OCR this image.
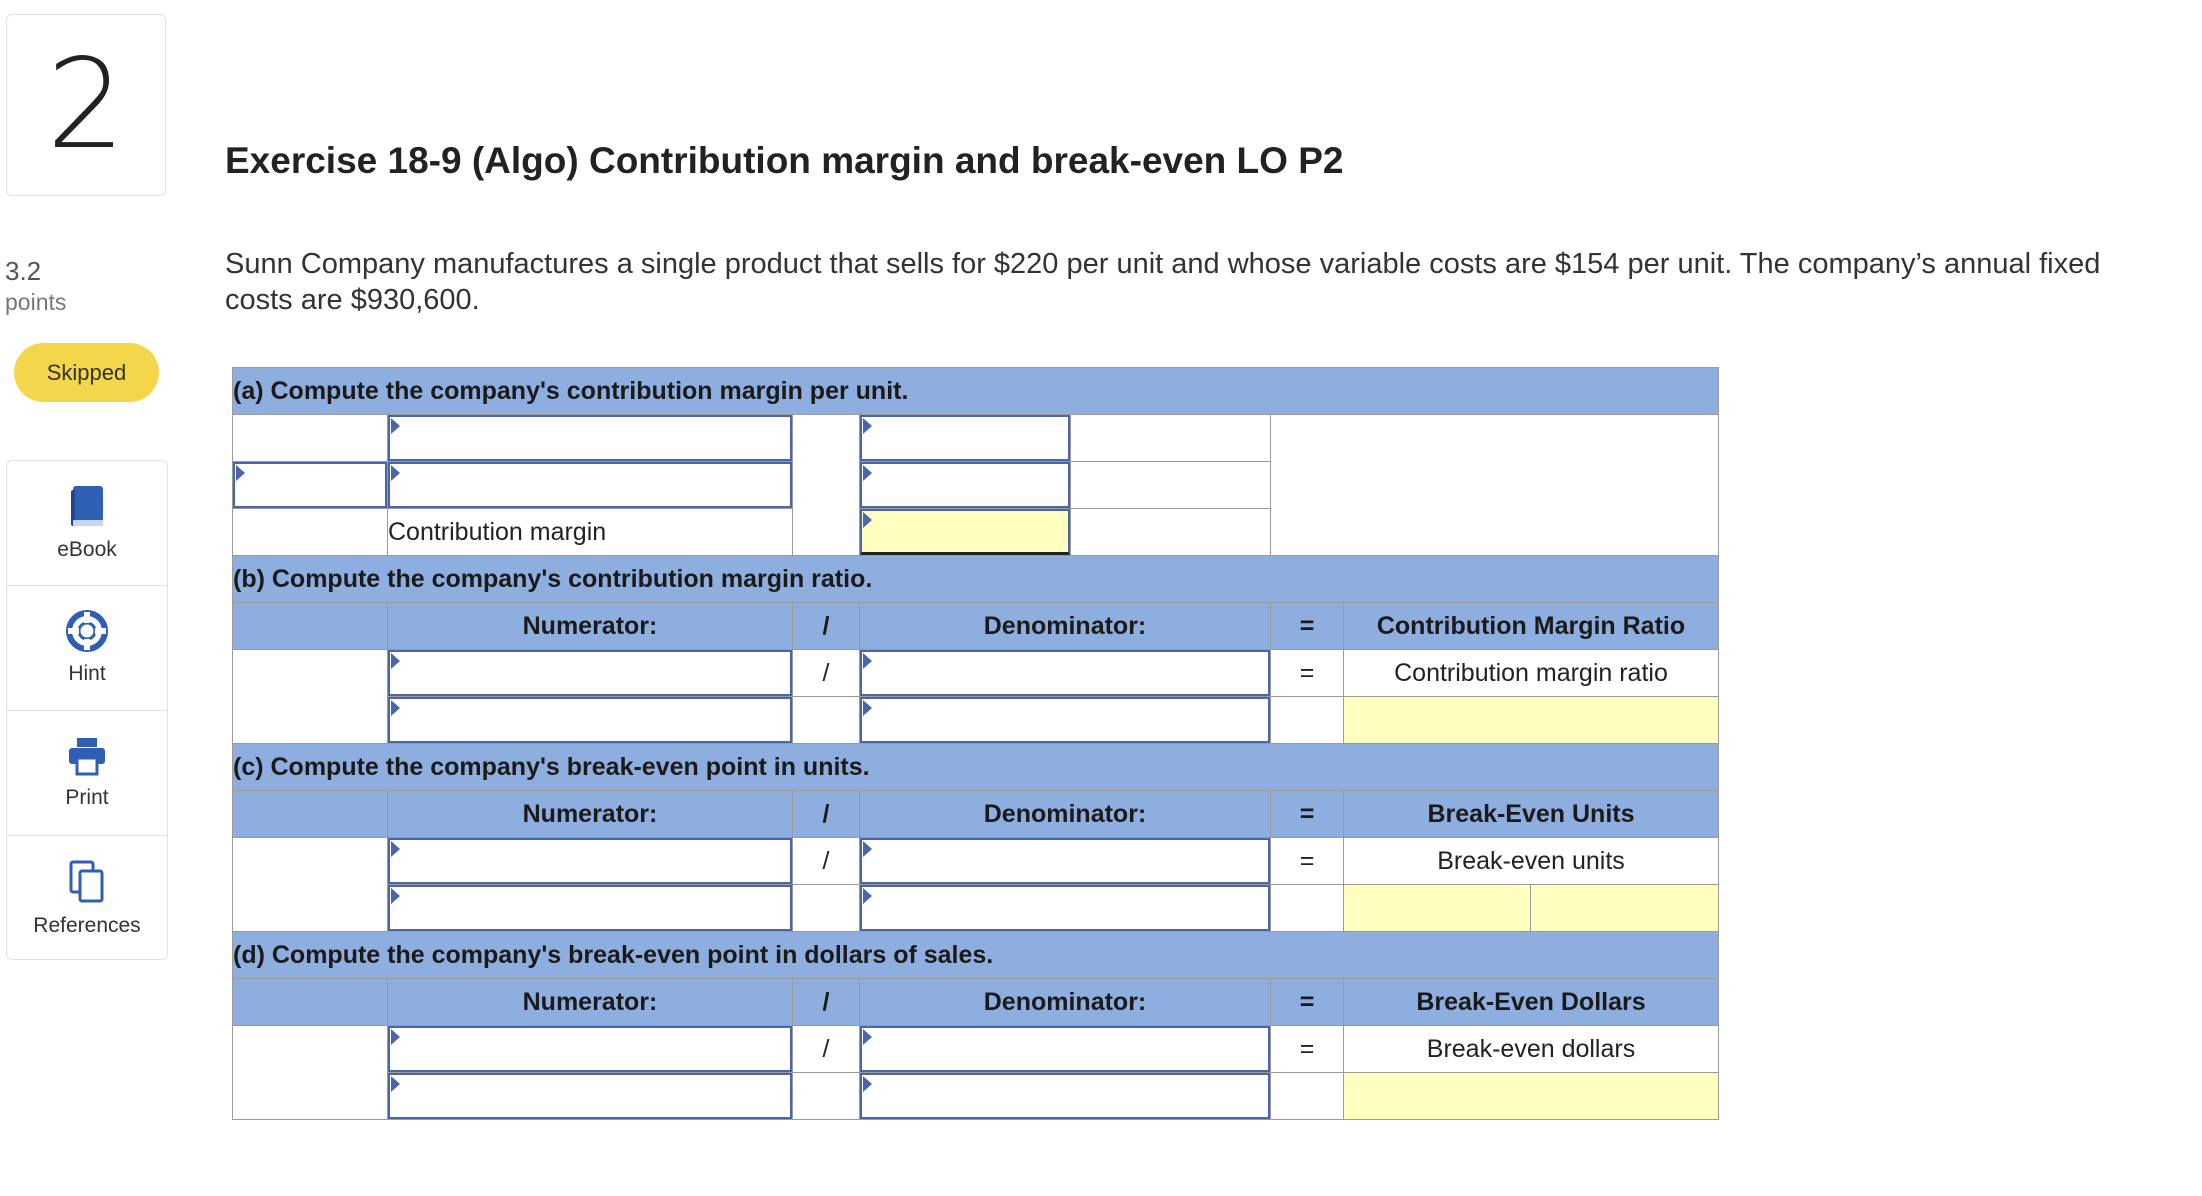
2
3.2
points
Skipped
eBook
Hint
Print
References
Exercise 18-9 (Algo) Contribution margin and break-even LO P2

Sunn Company manufactures a single product that sells for $220 per unit and whose variable costs are $154 per unit. The company’s annual fixed costs are $930,600.

(a) Compute the company's contribution margin per unit.						

	Contribution margin				

(b) Compute the company's contribution margin ratio.						
	Numerator:	/	Denominator:		=	Contribution Margin Ratio

	/			=	Contribution margin ratio

(c) Compute the company's break-even point in units.						
	Numerator:	/	Denominator:		=	Break-Even Units

	/			=	Break-even units

(d) Compute the company's break-even point in dollars of sales.						
	Numerator:	/	Denominator:		=	Break-Even Dollars

	/			=	Break-even dollars
